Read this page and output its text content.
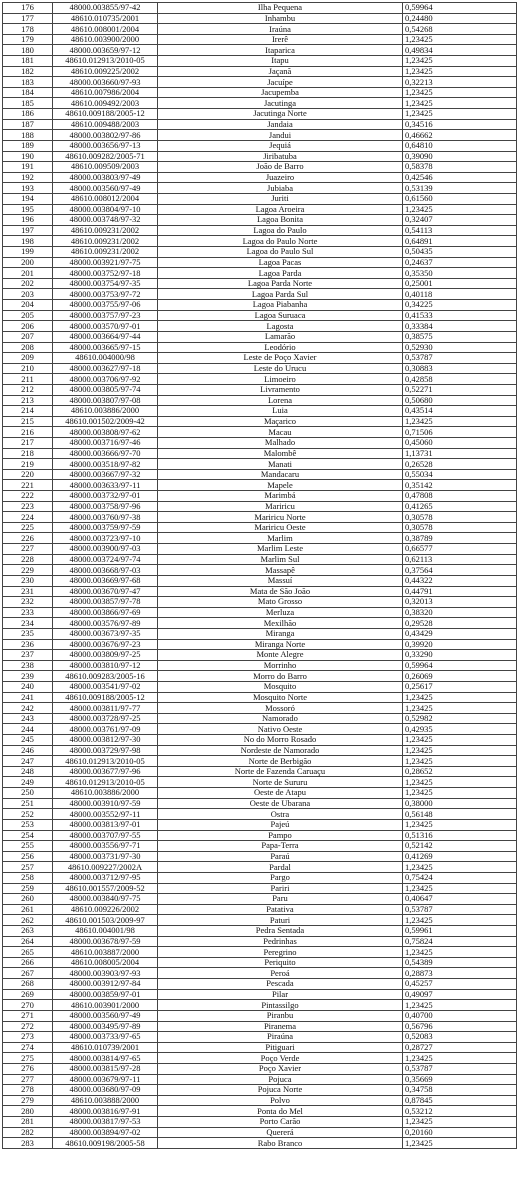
176	48000.003855/97-42	Ilha Pequena	0,59964
177	48610.010735/2001	Inhambu	0,24480
178	48610.008001/2004	Iraúna	0,54268
179	48610.003900/2000	Irerê	1,23425
180	48000.003659/97-12	Itaparica	0,49834
181	48610.012913/2010-05	Itapu	1,23425
182	48610.009225/2002	Jaçanã	1,23425
183	48000.003660/97-93	Jacuípe	0,32213
184	48610.007986/2004	Jacupemba	1,23425
185	48610.009492/2003	Jacutinga	1,23425
186	48610.009188/2005-12	Jacutinga Norte	1,23425
187	48610.009488/2003	Jandaia	0,34516
188	48000.003802/97-86	Jandui	0,46662
189	48000.003656/97-13	Jequiá	0,64810
190	48610.009282/2005-71	Jiribatuba	0,39090
191	48610.009509/2003	João de Barro	0,58378
192	48000.003803/97-49	Juazeiro	0,42546
193	48000.003560/97-49	Jubiaba	0,53139
194	48610.008012/2004	Juriti	0,61560
195	48000.003804/97-10	Lagoa Aroeira	1,23425
196	48000.003748/97-32	Lagoa Bonita	0,32407
197	48610.009231/2002	Lagoa do Paulo	0,54113
198	48610.009231/2002	Lagoa do Paulo Norte	0,64891
199	48610.009231/2002	Lagoa do Paulo Sul	0,50435
200	48000.003921/97-75	Lagoa Pacas	0,24637
201	48000.003752/97-18	Lagoa Parda	0,35350
202	48000.003754/97-35	Lagoa Parda Norte	0,25001
203	48000.003753/97-72	Lagoa Parda Sul	0,40118
204	48000.003755/97-06	Lagoa Piabanha	0,34225
205	48000.003757/97-23	Lagoa Suruaca	0,41533
206	48000.003570/97-01	Lagosta	0,33384
207	48000.003664/97-44	Lamarão	0,38575
208	48000.003665/97-15	Leodório	0,52930
209	48610.004000/98	Leste de Poço Xavier	0,53787
210	48000.003627/97-18	Leste do Urucu	0,30883
211	48000.003706/97-92	Limoeiro	0,42858
212	48000.003805/97-74	Livramento	0,52271
213	48000.003807/97-08	Lorena	0,50680
214	48610.003886/2000	Luia	0,43514
215	48610.001502/2009-42	Maçarico	1,23425
216	48000.003808/97-62	Macau	0,71506
217	48000.003716/97-46	Malhado	0,45060
218	48000.003666/97-70	Malombê	1,13731
219	48000.003518/97-82	Manati	0,26528
220	48000.003667/97-32	Mandacaru	0,55034
221	48000.003633/97-11	Mapele	0,35142
222	48000.003732/97-01	Marimbá	0,47808
223	48000.003758/97-96	Mariricu	0,41265
224	48000.003760/97-38	Mariricu Norte	0,30578
225	48000.003759/97-59	Mariricu Oeste	0,30578
226	48000.003723/97-10	Marlim	0,38789
227	48000.003900/97-03	Marlim Leste	0,66577
228	48000.003724/97-74	Marlim Sul	0,62113
229	48000.003668/97-03	Massapê	0,37564
230	48000.003669/97-68	Massuí	0,44322
231	48000.003670/97-47	Mata de São João	0,44791
232	48000.003857/97-78	Mato Grosso	0,32013
233	48000.003866/97-69	Merluza	0,38320
234	48000.003576/97-89	Mexilhão	0,29528
235	48000.003673/97-35	Miranga	0,43429
236	48000.003676/97-23	Miranga Norte	0,39920
237	48000.003809/97-25	Monte Alegre	0,33290
238	48000.003810/97-12	Morrinho	0,59964
239	48610.009283/2005-16	Morro do Barro	0,26069
240	48000.003541/97-02	Mosquito	0,25617
241	48610.009188/2005-12	Mosquito Norte	1,23425
242	48000.003811/97-77	Mossoró	1,23425
243	48000.003728/97-25	Namorado	0,52982
244	48000.003761/97-09	Nativo Oeste	0,42935
245	48000.003812/97-30	No do Morro Rosado	1,23425
246	48000.003729/97-98	Nordeste de Namorado	1,23425
247	48610.012913/2010-05	Norte de Berbigão	1,23425
248	48000.003677/97-96	Norte de Fazenda Caruaçu	0,28652
249	48610.012913/2010-05	Norte de Sururu	1,23425
250	48610.003886/2000	Oeste de Atapu	1,23425
251	48000.003910/97-59	Oeste de Ubarana	0,38000
252	48000.003552/97-11	Ostra	0,56148
253	48000.003813/97-01	Pajeú	1,23425
254	48000.003707/97-55	Pampo	0,51316
255	48000.003556/97-71	Papa-Terra	0,52142
256	48000.003731/97-30	Paraú	0,41269
257	48610.009227/2002A	Pardal	1,23425
258	48000.003712/97-95	Pargo	0,75424
259	48610.001557/2009-52	Pariri	1,23425
260	48000.003840/97-75	Paru	0,40647
261	48610.009226/2002	Patativa	0,53787
262	48610.001503/2009-97	Paturi	1,23425
263	48610.004001/98	Pedra Sentada	0,59961
264	48000.003678/97-59	Pedrinhas	0,75824
265	48610.003887/2000	Peregrino	1,23425
266	48610.008005/2004	Periquito	0,54389
267	48000.003903/97-93	Peroá	0,28873
268	48000.003912/97-84	Pescada	0,45257
269	48000.003859/97-01	Pilar	0,49097
270	48610.003901/2000	Pintassilgo	1,23425
271	48000.003560/97-49	Piranbu	0,40700
272	48000.003495/97-89	Piranema	0,56796
273	48000.003733/97-65	Piraúna	0,52083
274	48610.010739/2001	Pitiguari	0,28727
275	48000.003814/97-65	Poço Verde	1,23425
276	48000.003815/97-28	Poço Xavier	0,53787
277	48000.003679/97-11	Pojuca	0,35669
278	48000.003680/97-09	Pojuca Norte	0,34758
279	48610.003888/2000	Polvo	0,87845
280	48000.003816/97-91	Ponta do Mel	0,53212
281	48000.003817/97-53	Porto Carão	1,23425
282	48000.003894/97-02	Quererá	0,20160
283	48610.009198/2005-58	Rabo Branco	1,23425
